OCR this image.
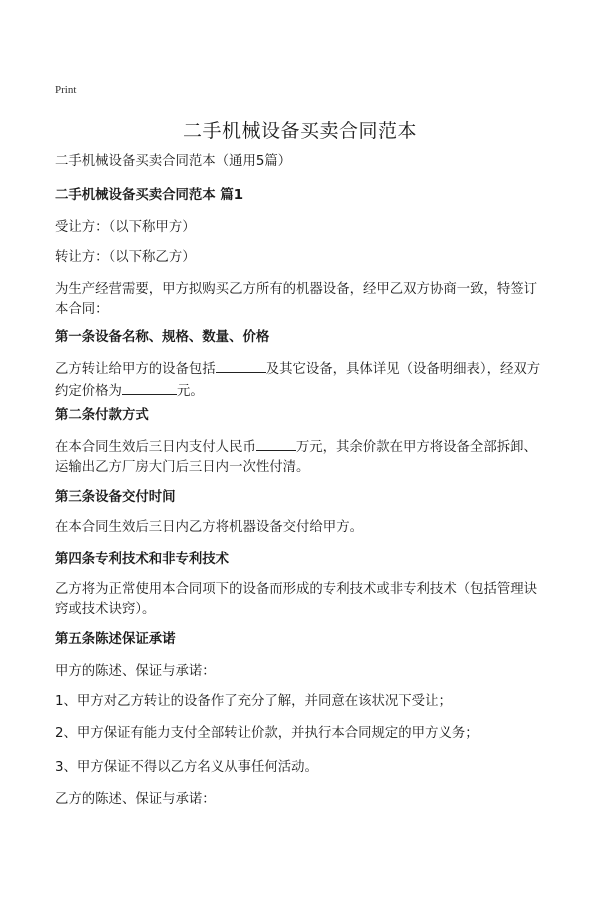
Print
二手机械设备买卖合同范本

二手机械设备买卖合同范本（通用5篇）

二手机械设备买卖合同范本 篇1

受让方：（以下称甲方）

转让方：（以下称乙方）

为生产经营需要，甲方拟购买乙方所有的机器设备，经甲乙双方协商一致，特签订本合同：

第一条设备名称、规格、数量、价格

乙方转让给甲方的设备包括	及其它设备，具体详见（设备明细表），经双方约定价格为	元。

第二条付款方式

在本合同生效后三日内支付人民币	万元，其余价款在甲方将设备全部拆卸、运输出乙方厂房大门后三日内一次性付清。

第三条设备交付时间

在本合同生效后三日内乙方将机器设备交付给甲方。

第四条专利技术和非专利技术

乙方将为正常使用本合同项下的设备而形成的专利技术或非专利技术（包括管理诀窍或技术诀窍）。

第五条陈述保证承诺

甲方的陈述、保证与承诺：

1、甲方对乙方转让的设备作了充分了解，并同意在该状况下受让；

2、甲方保证有能力支付全部转让价款，并执行本合同规定的甲方义务；

3、甲方保证不得以乙方名义从事任何活动。

乙方的陈述、保证与承诺：
